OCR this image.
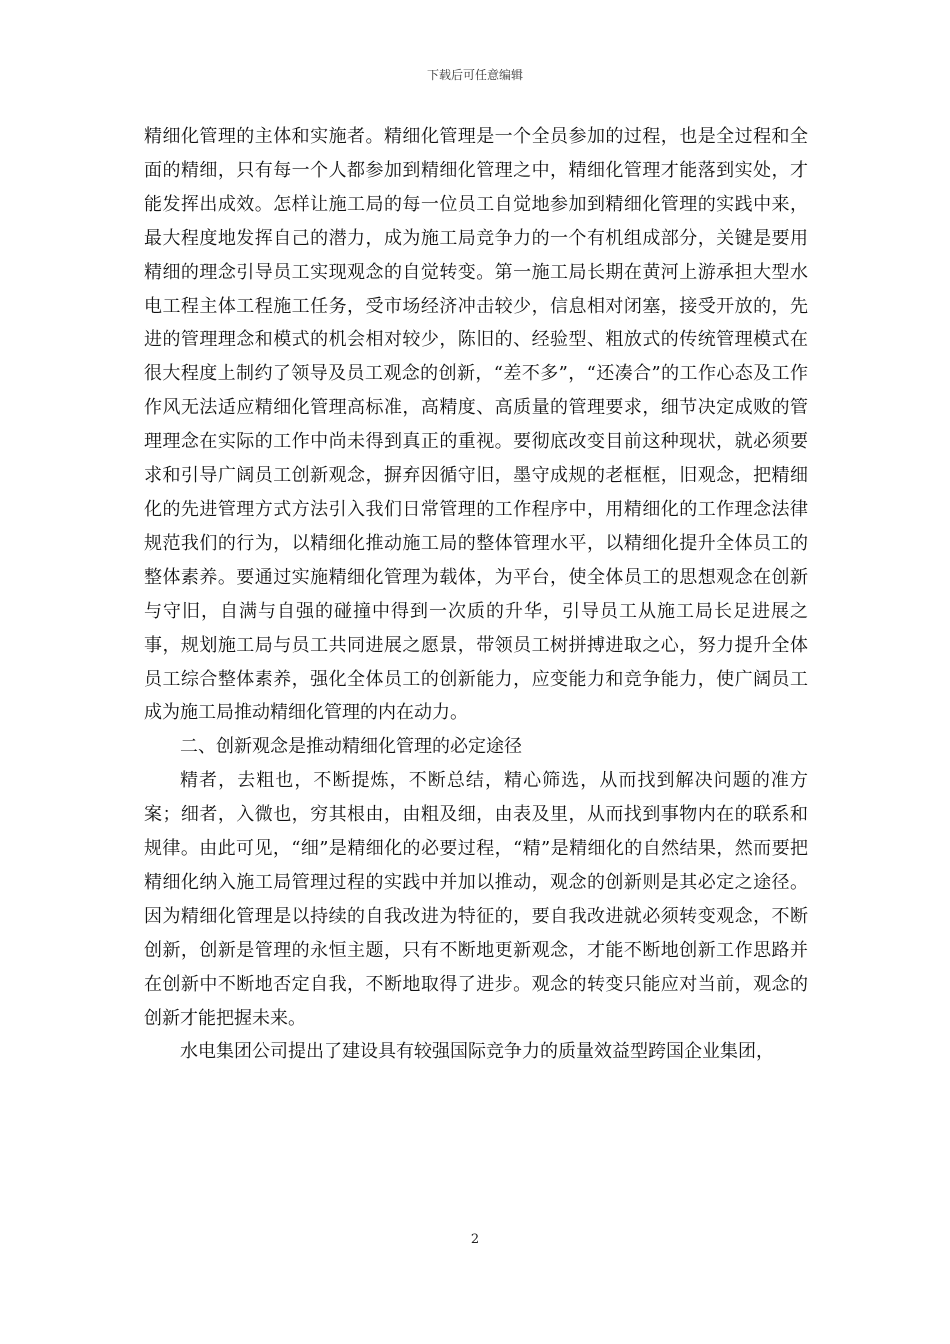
下载后可任意编辑

精细化管理的主体和实施者。精细化管理是一个全员参加的过程，也是全过程和全面的精细，只有每一个人都参加到精细化管理之中，精细化管理才能落到实处，才能发挥出成效。怎样让施工局的每一位员工自觉地参加到精细化管理的实践中来，最大程度地发挥自己的潜力，成为施工局竞争力的一个有机组成部分，关键是要用精细的理念引导员工实现观念的自觉转变。第一施工局长期在黄河上游承担大型水电工程主体工程施工任务，受市场经济冲击较少，信息相对闭塞，接受开放的，先进的管理理念和模式的机会相对较少，陈旧的、经验型、粗放式的传统管理模式在很大程度上制约了领导及员工观念的创新，“差不多”，“还凑合”的工作心态及工作作风无法适应精细化管理高标准，高精度、高质量的管理要求，细节决定成败的管理理念在实际的工作中尚未得到真正的重视。要彻底改变目前这种现状，就必须要求和引导广阔员工创新观念，摒弃因循守旧，墨守成规的老框框，旧观念，把精细化的先进管理方式方法引入我们日常管理的工作程序中，用精细化的工作理念法律规范我们的行为，以精细化推动施工局的整体管理水平，以精细化提升全体员工的整体素养。要通过实施精细化管理为载体，为平台，使全体员工的思想观念在创新与守旧，自满与自强的碰撞中得到一次质的升华，引导员工从施工局长足进展之事，规划施工局与员工共同进展之愿景，带领员工树拼搏进取之心，努力提升全体员工综合整体素养，强化全体员工的创新能力，应变能力和竞争能力，使广阔员工成为施工局推动精细化管理的内在动力。

二、创新观念是推动精细化管理的必定途径

精者，去粗也，不断提炼，不断总结，精心筛选，从而找到解决问题的准方案；细者，入微也，穷其根由，由粗及细，由表及里，从而找到事物内在的联系和规律。由此可见，“细”是精细化的必要过程，“精”是精细化的自然结果，然而要把精细化纳入施工局管理过程的实践中并加以推动，观念的创新则是其必定之途径。因为精细化管理是以持续的自我改进为特征的，要自我改进就必须转变观念，不断创新，创新是管理的永恒主题，只有不断地更新观念，才能不断地创新工作思路并在创新中不断地否定自我，不断地取得了进步。观念的转变只能应对当前，观念的创新才能把握未来。

水电集团公司提出了建设具有较强国际竞争力的质量效益型跨国企业集团，

2
